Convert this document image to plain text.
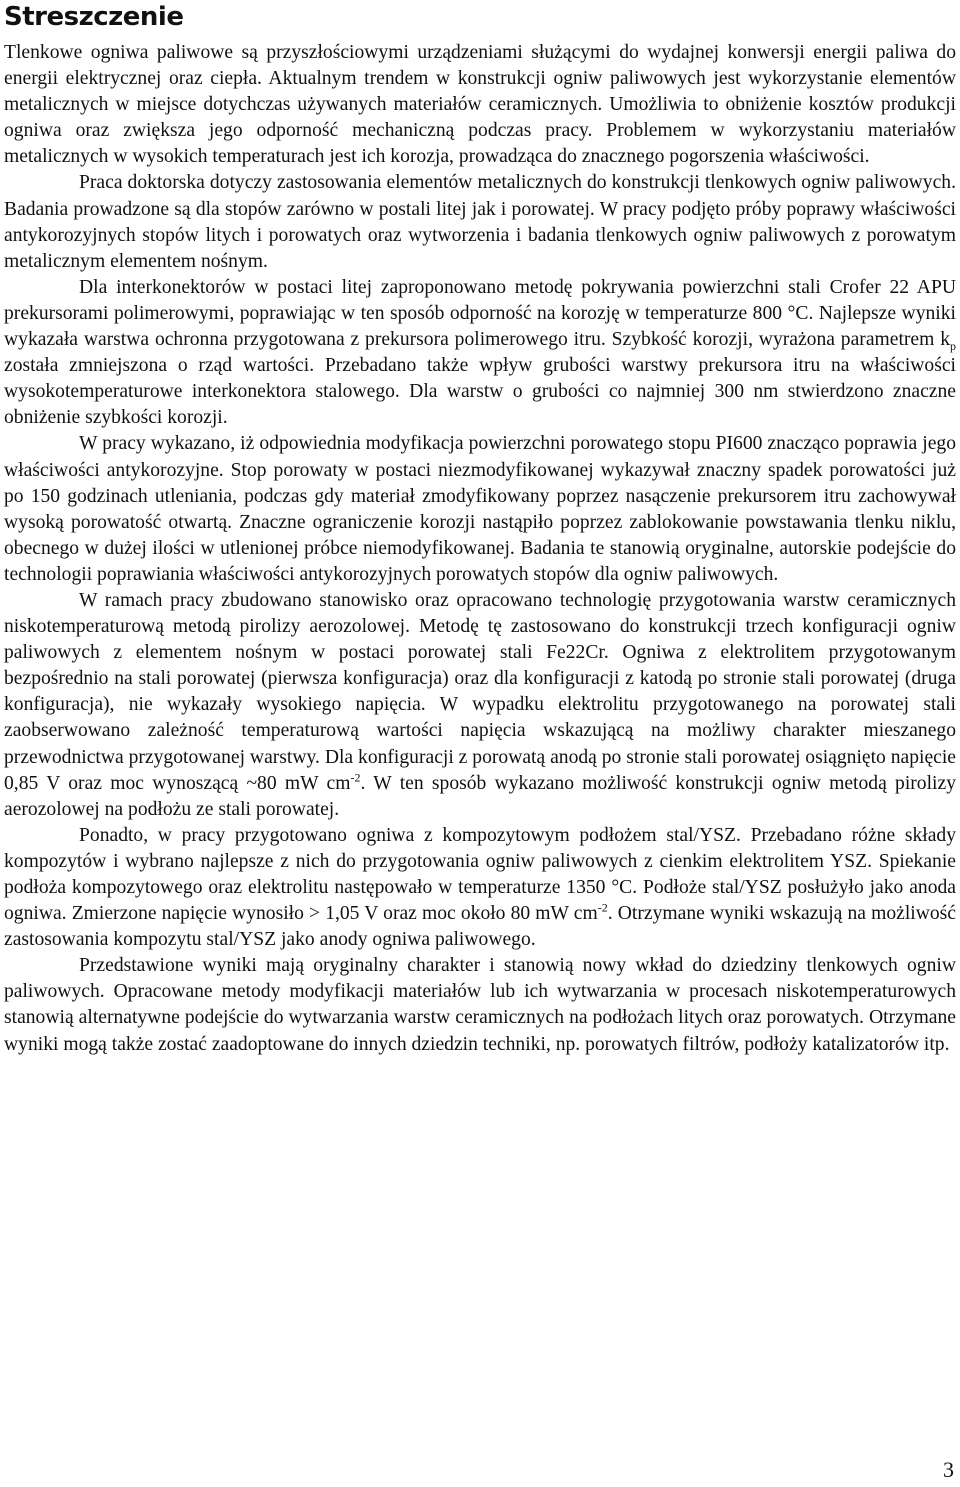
Streszczenie

Tlenkowe ogniwa paliwowe są przyszłościowymi urządzeniami służącymi do wydajnej konwersji energii paliwa do energii elektrycznej oraz ciepła. Aktualnym trendem w konstrukcji ogniw paliwowych jest wykorzystanie elementów metalicznych w miejsce dotychczas używanych materiałów ceramicznych. Umożliwia to obniżenie kosztów produkcji ogniwa oraz zwiększa jego odporność mechaniczną podczas pracy. Problemem w wykorzystaniu materiałów metalicznych w wysokich temperaturach jest ich korozja, prowadząca do znacznego pogorszenia właściwości.

Praca doktorska dotyczy zastosowania elementów metalicznych do konstrukcji tlenkowych ogniw paliwowych. Badania prowadzone są dla stopów zarówno w postali litej jak i porowatej. W pracy podjęto próby poprawy właściwości antykorozyjnych stopów litych i porowatych oraz wytworzenia i badania tlenkowych ogniw paliwowych z porowatym metalicznym elementem nośnym.

Dla interkonektorów w postaci litej zaproponowano metodę pokrywania powierzchni stali Crofer 22 APU prekursorami polimerowymi, poprawiając w ten sposób odporność na korozję w temperaturze 800 °C. Najlepsze wyniki wykazała warstwa ochronna przygotowana z prekursora polimerowego itru. Szybkość korozji, wyrażona parametrem $k_p$ została zmniejszona o rząd wartości. Przebadano także wpływ grubości warstwy prekursora itru na właściwości wysokotemperaturowe interkonektora stalowego. Dla warstw o grubości co najmniej 300 nm stwierdzono znaczne obniżenie szybkości korozji.

W pracy wykazano, iż odpowiednia modyfikacja powierzchni porowatego stopu PI600 znacząco poprawia jego właściwości antykorozyjne. Stop porowaty w postaci niezmodyfikowanej wykazywał znaczny spadek porowatości już po 150 godzinach utleniania, podczas gdy materiał zmodyfikowany poprzez nasączenie prekursorem itru zachowywał wysoką porowatość otwartą. Znaczne ograniczenie korozji nastąpiło poprzez zablokowanie powstawania tlenku niklu, obecnego w dużej ilości w utlenionej próbce niemodyfikowanej. Badania te stanowią oryginalne, autorskie podejście do technologii poprawiania właściwości antykorozyjnych porowatych stopów dla ogniw paliwowych.

W ramach pracy zbudowano stanowisko oraz opracowano technologię przygotowania warstw ceramicznych niskotemperaturową metodą pirolizy aerozolowej. Metodę tę zastosowano do konstrukcji trzech konfiguracji ogniw paliwowych z elementem nośnym w postaci porowatej stali Fe22Cr. Ogniwa z elektrolitem przygotowanym bezpośrednio na stali porowatej (pierwsza konfiguracja) oraz dla konfiguracji z katodą po stronie stali porowatej (druga konfiguracja), nie wykazały wysokiego napięcia. W wypadku elektrolitu przygotowanego na porowatej stali zaobserwowano zależność temperaturową wartości napięcia wskazującą na możliwy charakter mieszanego przewodnictwa przygotowanej warstwy. Dla konfiguracji z porowatą anodą po stronie stali porowatej osiągnięto napięcie 0,85 V oraz moc wynoszącą ~80 mW $cm^{-2}$. W ten sposób wykazano możliwość konstrukcji ogniw metodą pirolizy aerozolowej na podłożu ze stali porowatej.

Ponadto, w pracy przygotowano ogniwa z kompozytowym podłożem stal/YSZ. Przebadano różne składy kompozytów i wybrano najlepsze z nich do przygotowania ogniw paliwowych z cienkim elektrolitem YSZ. Spiekanie podłoża kompozytowego oraz elektrolitu następowało w temperaturze 1350 °C. Podłoże stal/YSZ posłużyło jako anoda ogniwa. Zmierzone napięcie wynosiło > 1,05 V oraz moc około 80 mW $cm^{-2}$. Otrzymane wyniki wskazują na możliwość zastosowania kompozytu stal/YSZ jako anody ogniwa paliwowego.

Przedstawione wyniki mają oryginalny charakter i stanowią nowy wkład do dziedziny tlenkowych ogniw paliwowych. Opracowane metody modyfikacji materiałów lub ich wytwarzania w procesach niskotemperaturowych stanowią alternatywne podejście do wytwarzania warstw ceramicznych na podłożach litych oraz porowatych. Otrzymane wyniki mogą także zostać zaadoptowane do innych dziedzin techniki, np. porowatych filtrów, podłoży katalizatorów itp.

3
